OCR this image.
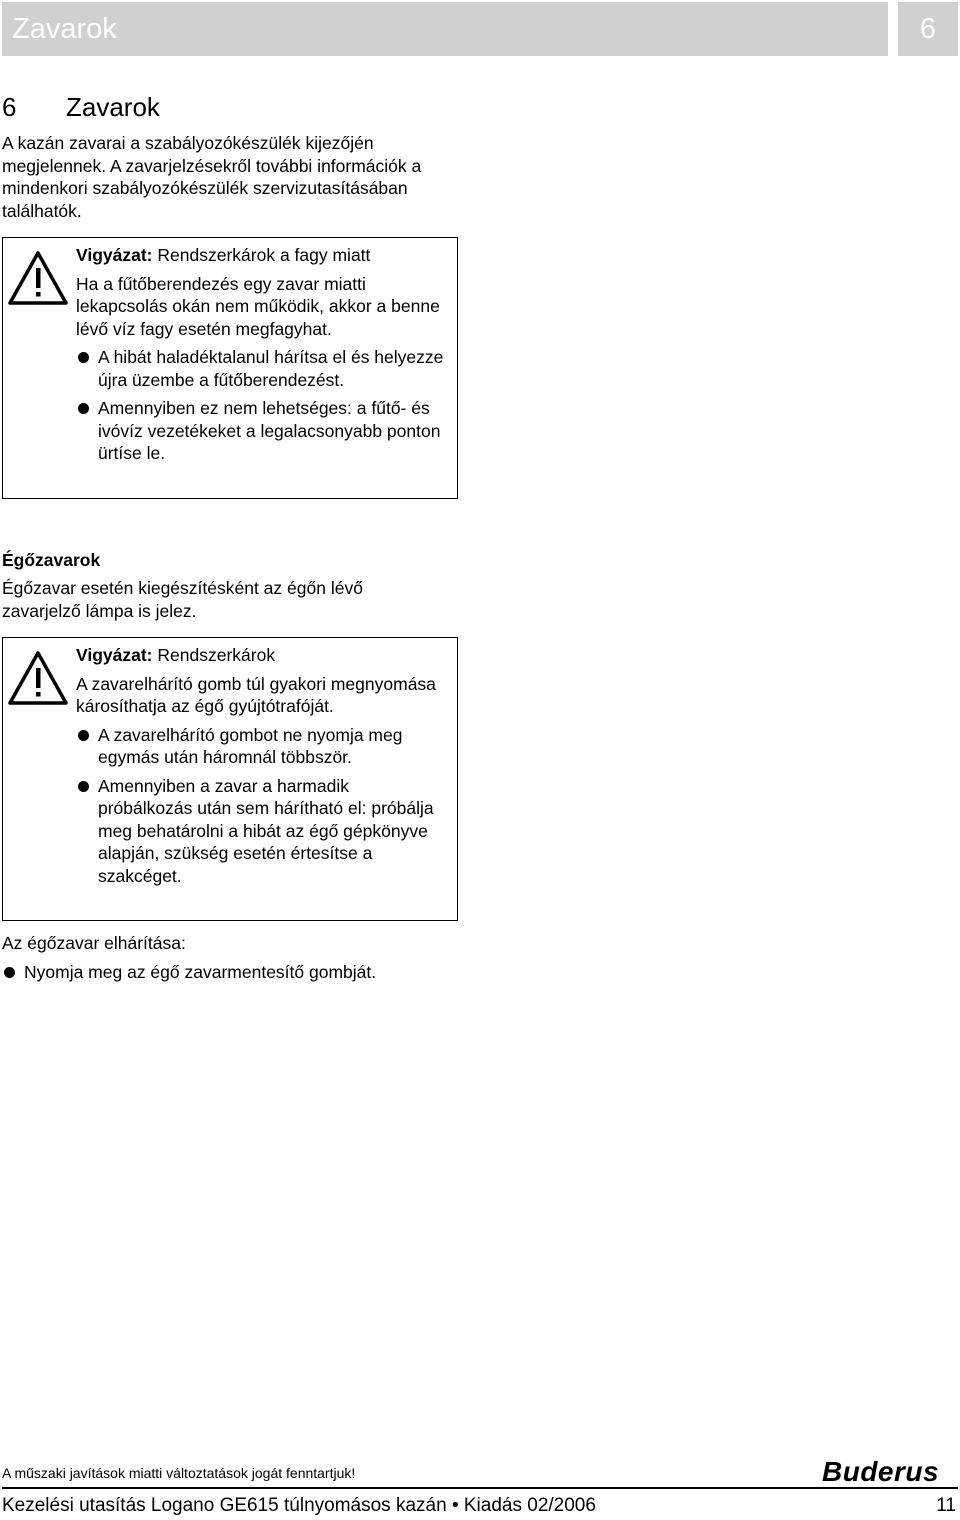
Zavarok	6
6 Zavarok
A kazán zavarai a szabályozókészülék kijezőjén megjelennek. A zavarjelzésekről további információk a mindenkori szabályozókészülék szervizutasításában találhatók.

Vigyázat: Rendszerkárok a fagy miatt

Ha a fűtőberendezés egy zavar miatti lekapcsolás okán nem működik, akkor a benne lévő víz fagy esetén megfagyhat.

A hibát haladéktalanul hárítsa el és helyezze újra üzembe a fűtőberendezést.
Amennyiben ez nem lehetséges: a fűtő- és ivóvíz vezetékeket a legalacsonyabb ponton ürtíse le.
Égőzavarok
Égőzavar esetén kiegészítésként az égőn lévő zavarjelző lámpa is jelez.

Vigyázat: Rendszerkárok

A zavarelhárító gomb túl gyakori megnyomása károsíthatja az égő gyújtótrafóját.

A zavarelhárító gombot ne nyomja meg egymás után háromnál többször.
Amennyiben a zavar a harmadik próbálkozás után sem hárítható el: próbálja meg behatárolni a hibát az égő gépkönyve alapján, szükség esetén értesítse a szakcéget.
Az égőzavar elhárítása:
Nyomja meg az égő zavarmentesítő gombját.
A műszaki javítások miatti változtatások jogát fenntartjuk!	Buderus
Kezelési utasítás Logano GE615 túlnyomásos kazán • Kiadás 02/2006	11
